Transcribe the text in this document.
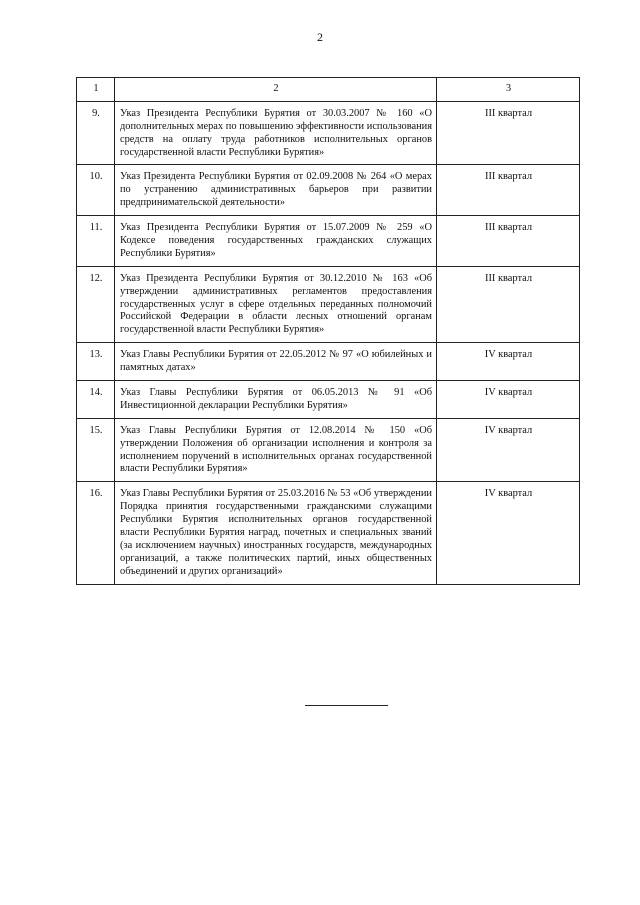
2
1	2	3
9.	Указ Президента Республики Бурятия от 30.03.2007 № 160 «О дополнительных мерах по повышению эффективности использования средств на оплату труда работников исполнительных органов государственной власти Республики Бурятия»	III квартал
10.	Указ Президента Республики Бурятия от 02.09.2008 № 264 «О мерах по устранению административных барьеров при развитии предпринимательской деятельности»	III квартал
11.	Указ Президента Республики Бурятия от 15.07.2009 № 259 «О Кодексе поведения государственных гражданских служащих Республики Бурятия»	III квартал
12.	Указ Президента Республики Бурятия от 30.12.2010 № 163 «Об утверждении административных регламентов предоставления государственных услуг в сфере отдельных переданных полномочий Российской Федерации в области лесных отношений органам государственной власти Республики Бурятия»	III квартал
13.	Указ Главы Республики Бурятия от 22.05.2012 № 97 «О юбилейных и памятных датах»	IV квартал
14.	Указ Главы Республики Бурятия от 06.05.2013 № 91 «Об Инвестиционной декларации Республики Бурятия»	IV квартал
15.	Указ Главы Республики Бурятия от 12.08.2014 № 150 «Об утверждении Положения об организации исполнения и контроля за исполнением поручений в исполнительных органах государственной власти Республики Бурятия»	IV квартал
16.	Указ Главы Республики Бурятия от 25.03.2016 № 53 «Об утверждении Порядка принятия государственными гражданскими служащими Республики Бурятия исполнительных органов государственной власти Республики Бурятия наград, почетных и специальных званий (за исключением научных) иностранных государств, международных организаций, а также политических партий, иных общественных объединений и других организаций»	IV квартал
